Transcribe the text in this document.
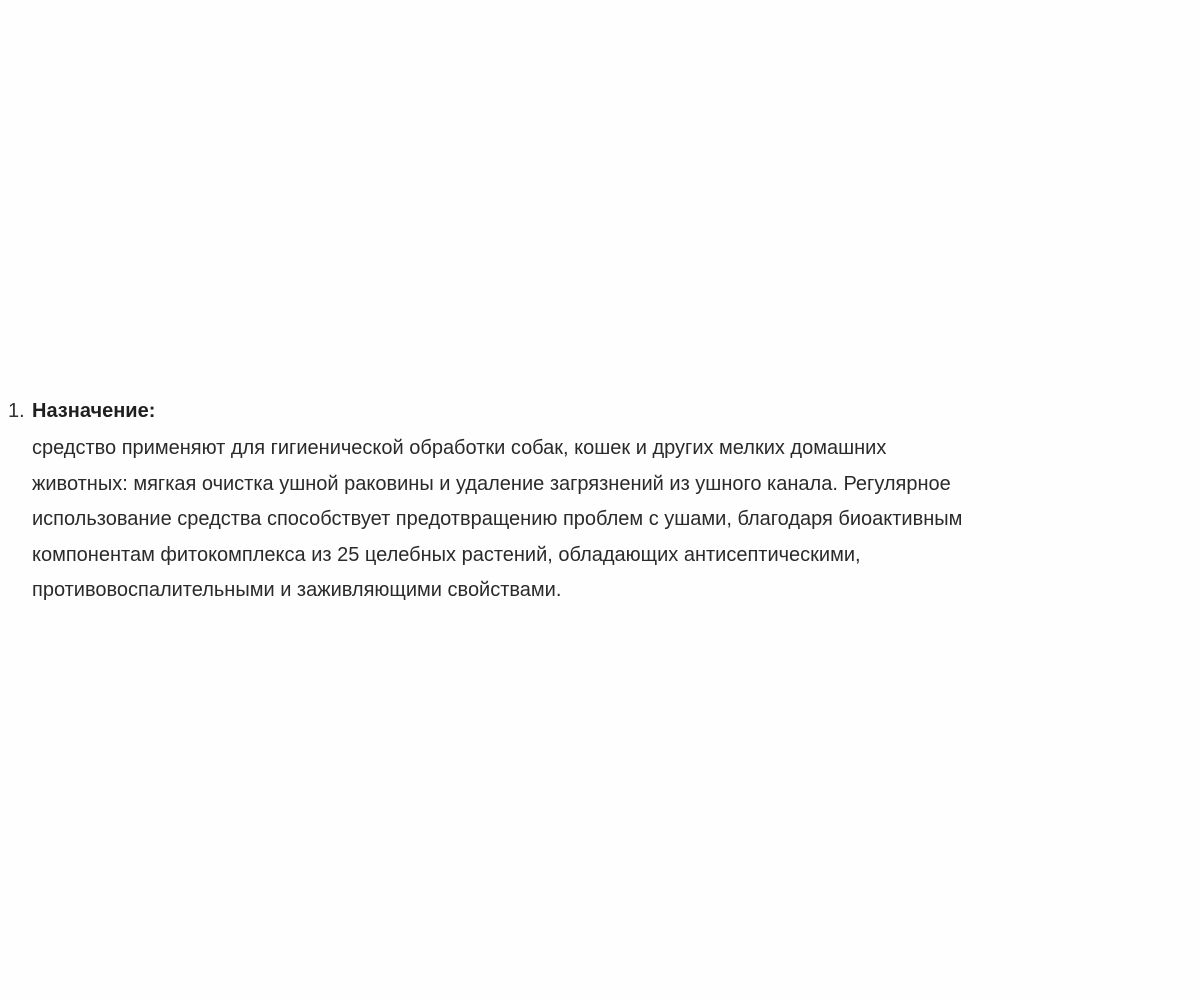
1. Назначение:

средство применяют для гигиенической обработки собак, кошек и других мелких домашних
животных: мягкая очистка ушной раковины и удаление загрязнений из ушного канала. Регулярное
использование средства способствует предотвращению проблем с ушами, благодаря биоактивным
компонентам фитокомплекса из 25 целебных растений, обладающих антисептическими,
противовоспалительными и заживляющими свойствами.
